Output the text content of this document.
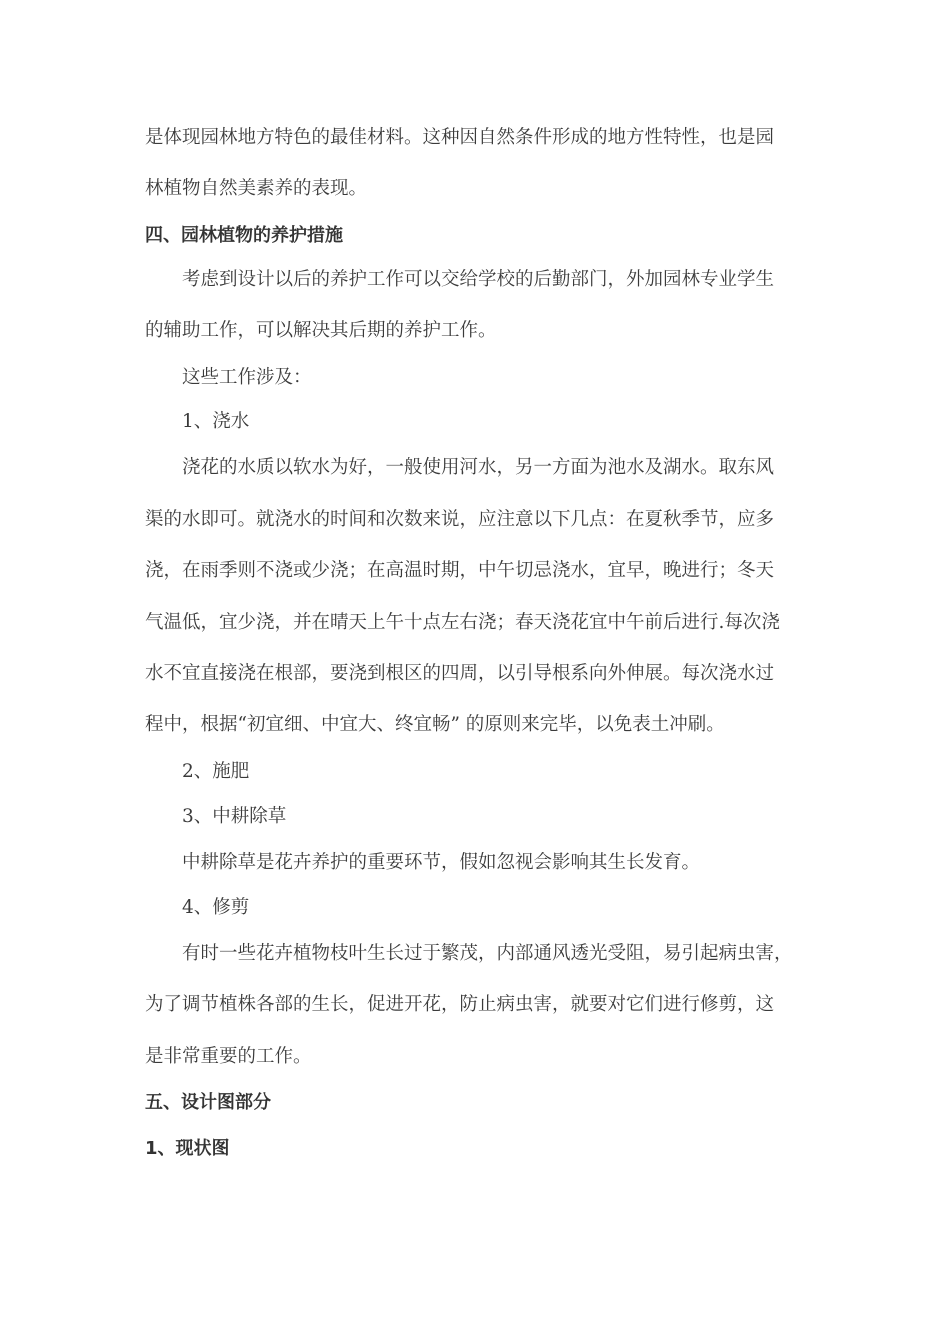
是体现园林地方特色的最佳材料。这种因自然条件形成的地方性特性，也是园
林植物自然美素养的表现。
四、园林植物的养护措施
考虑到设计以后的养护工作可以交给学校的后勤部门，外加园林专业学生
的辅助工作，可以解决其后期的养护工作。
这些工作涉及：
1、浇水
浇花的水质以软水为好，一般使用河水，另一方面为池水及湖水。取东风
渠的水即可。就浇水的时间和次数来说，应注意以下几点：在夏秋季节，应多
浇，在雨季则不浇或少浇；在高温时期，中午切忌浇水，宜早，晚进行；冬天
气温低，宜少浇，并在晴天上午十点左右浇；春天浇花宜中午前后进行.每次浇
水不宜直接浇在根部，要浇到根区的四周，以引导根系向外伸展。每次浇水过
程中，根据“初宜细、中宜大、终宜畅” 的原则来完毕，以免表土冲刷。
2、施肥
3、中耕除草
中耕除草是花卉养护的重要环节，假如忽视会影响其生长发育。
4、修剪
有时一些花卉植物枝叶生长过于繁茂，内部通风透光受阻，易引起病虫害，
为了调节植株各部的生长，促进开花，防止病虫害，就要对它们进行修剪，这
是非常重要的工作。
五、设计图部分
1、现状图
